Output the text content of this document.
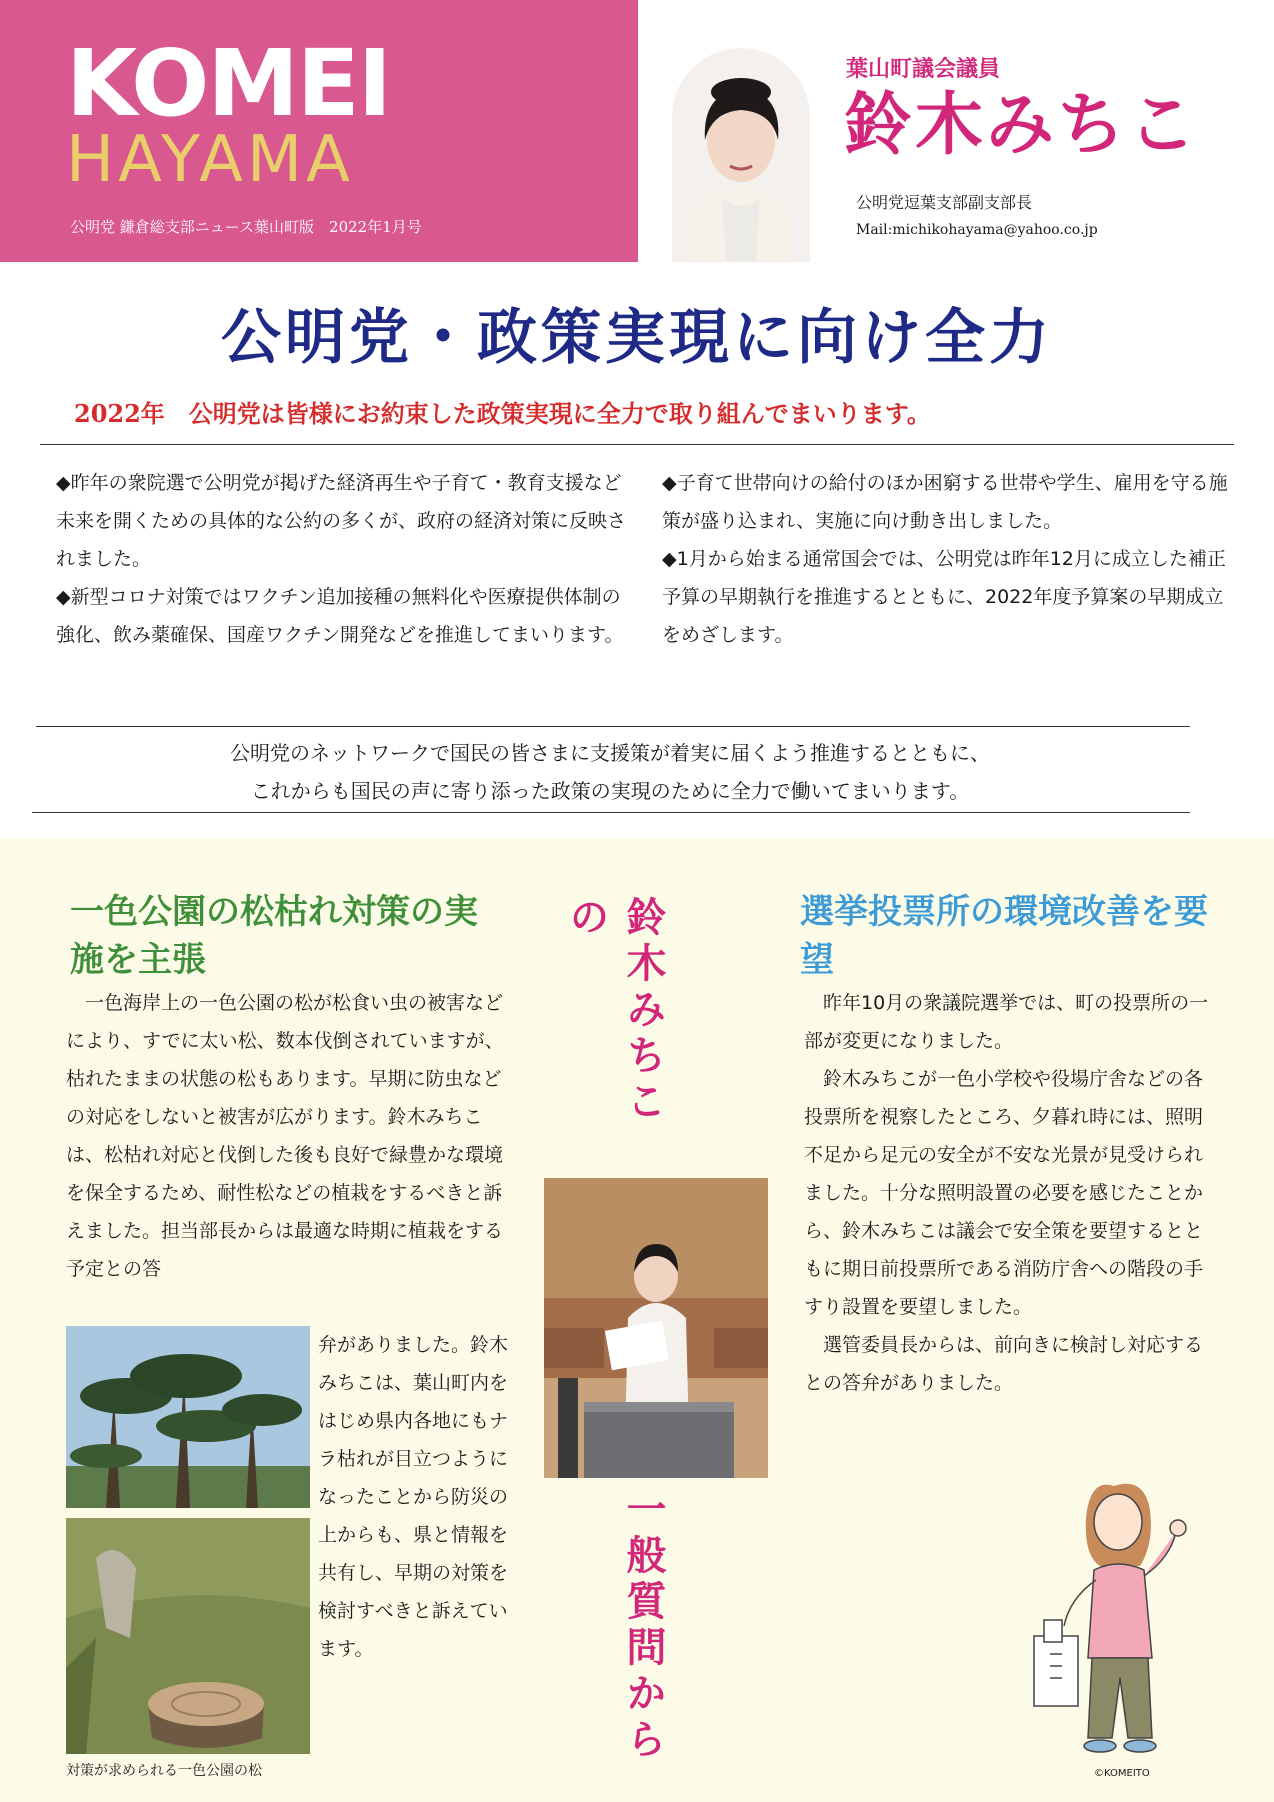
KOMEI
HAYAMA
公明党 鎌倉総支部ニュース葉山町版　2022年1月号
葉山町議会議員
鈴木みちこ
公明党逗葉支部副支部長
Mail:michikohayama@yahoo.co.jp
公明党・政策実現に向け全力
2022年　公明党は皆様にお約束した政策実現に全力で取り組んでまいります。

◆昨年の衆院選で公明党が掲げた経済再生や子育て・教育支援など未来を開くための具体的な公約の多くが、政府の経済対策に反映されました。

◆新型コロナ対策ではワクチン追加接種の無料化や医療提供体制の強化、飲み薬確保、国産ワクチン開発などを推進してまいります。

◆子育て世帯向けの給付のほか困窮する世帯や学生、雇用を守る施策が盛り込まれ、実施に向け動き出しました。

◆1月から始まる通常国会では、公明党は昨年12月に成立した補正予算の早期執行を推進するとともに、2022年度予算案の早期成立をめざします。

公明党のネットワークで国民の皆さまに支援策が着実に届くよう推進するとともに、
これからも国民の声に寄り添った政策の実現のために全力で働いてまいります。
一色公園の松枯れ対策の実施を主張

一色海岸上の一色公園の松が松食い虫の被害などにより、すでに太い松、数本伐倒されていますが、枯れたままの状態の松もあります。早期に防虫などの対応をしないと被害が広がります。鈴木みちこは、松枯れ対応と伐倒した後も良好で緑豊かな環境を保全するため、耐性松などの植栽をするべきと訴えました。担当部長からは最適な時期に植栽をする予定との答

弁がありました。鈴木みちこは、葉山町内をはじめ県内各地にもナラ枯れが目立つようになったことから防災の上からも、県と情報を共有し、早期の対策を検討すべきと訴えています。
対策が求められる一色公園の松
鈴木みちこの
一般質問から
選挙投票所の環境改善を要望

昨年10月の衆議院選挙では、町の投票所の一部が変更になりました。

鈴木みちこが一色小学校や役場庁舎などの各投票所を視察したところ、夕暮れ時には、照明不足から足元の安全が不安な光景が見受けられました。十分な照明設置の必要を感じたことから、鈴木みちこは議会で安全策を要望するとともに期日前投票所である消防庁舎への階段の手すり設置を要望しました。

選管委員長からは、前向きに検討し対応するとの答弁がありました。

©KOMEITO
